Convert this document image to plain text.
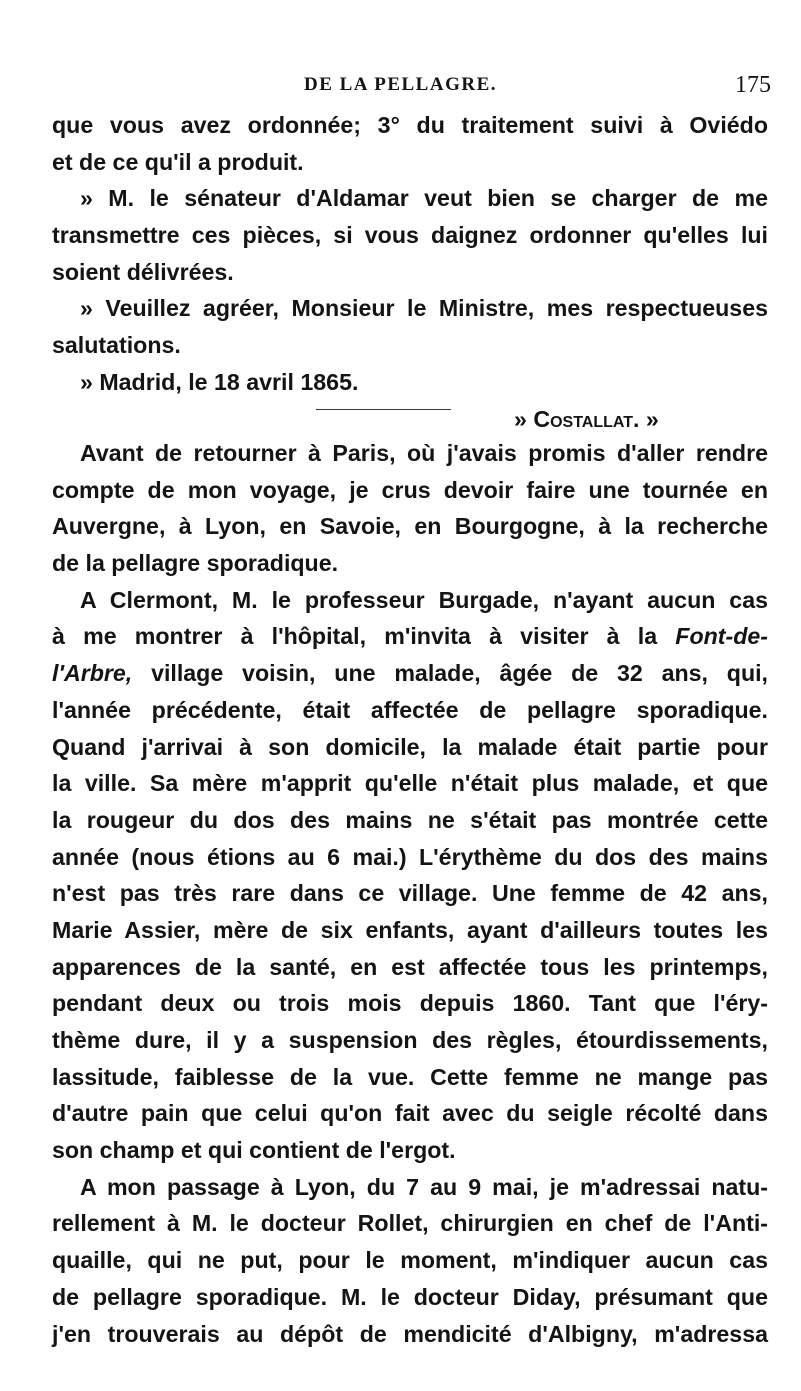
DE LA PELLAGRE.	175
que vous avez ordonnée; 3° du traitement suivi à Oviédo
et de ce qu'il a produit.
» M. le sénateur d'Aldamar veut bien se charger de me
transmettre ces pièces, si vous daignez ordonner qu'elles lui
soient délivrées.
» Veuillez agréer, Monsieur le Ministre, mes respectueuses
salutations.
» Madrid, le 18 avril 1865.
» Costallat. »
Avant de retourner à Paris, où j'avais promis d'aller rendre
compte de mon voyage, je crus devoir faire une tournée en
Auvergne, à Lyon, en Savoie, en Bourgogne, à la recherche
de la pellagre sporadique.
A Clermont, M. le professeur Burgade, n'ayant aucun cas
à me montrer à l'hôpital, m'invita à visiter à la Font-de-
l'Arbre, village voisin, une malade, âgée de 32 ans, qui,
l'année précédente, était affectée de pellagre sporadique.
Quand j'arrivai à son domicile, la malade était partie pour
la ville. Sa mère m'apprit qu'elle n'était plus malade, et que
la rougeur du dos des mains ne s'était pas montrée cette
année (nous étions au 6 mai.) L'érythème du dos des mains
n'est pas très rare dans ce village. Une femme de 42 ans,
Marie Assier, mère de six enfants, ayant d'ailleurs toutes les
apparences de la santé, en est affectée tous les printemps,
pendant deux ou trois mois depuis 1860. Tant que l'éry-
thème dure, il y a suspension des règles, étourdissements,
lassitude, faiblesse de la vue. Cette femme ne mange pas
d'autre pain que celui qu'on fait avec du seigle récolté dans
son champ et qui contient de l'ergot.
A mon passage à Lyon, du 7 au 9 mai, je m'adressai natu-
rellement à M. le docteur Rollet, chirurgien en chef de l'Anti-
quaille, qui ne put, pour le moment, m'indiquer aucun cas
de pellagre sporadique. M. le docteur Diday, présumant que
j'en trouverais au dépôt de mendicité d'Albigny, m'adressa
